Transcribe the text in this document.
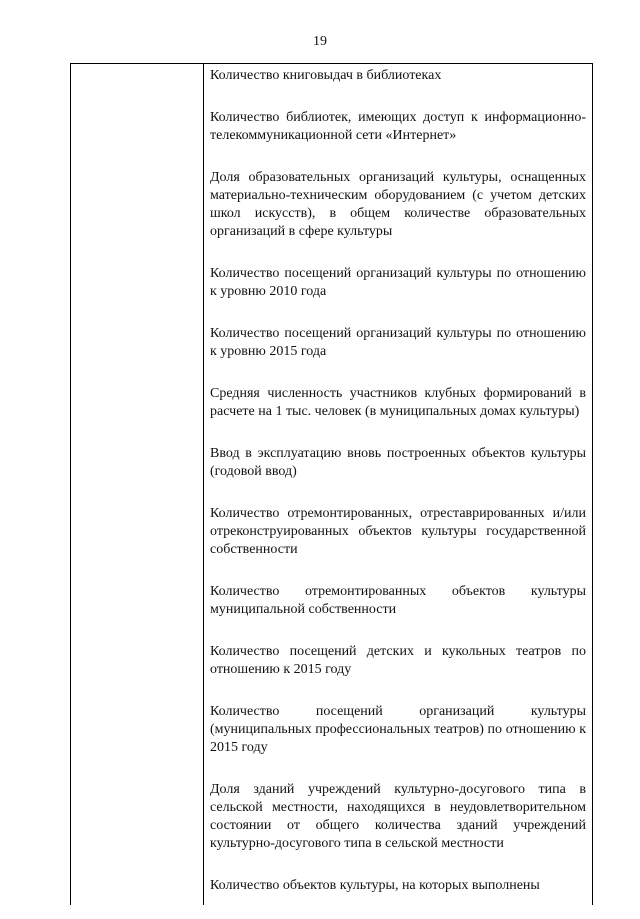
19

Количество книговыдач в библиотеках

Количество библиотек, имеющих доступ к информационно-телекоммуникационной сети «Интернет»

Доля образовательных организаций культуры, оснащенных материально-техническим оборудованием (с учетом детских школ искусств), в общем количестве образовательных организаций в сфере культуры

Количество посещений организаций культуры по отношению к уровню 2010 года

Количество посещений организаций культуры по отношению к уровню 2015 года

Средняя численность участников клубных формирований в расчете на 1 тыс. человек (в муниципальных домах культуры)

Ввод в эксплуатацию вновь построенных объектов культуры (годовой ввод)

Количество отремонтированных, отреставрированных и/или отреконструированных объектов культуры государственной собственности

Количество отремонтированных объектов культуры муниципальной собственности

Количество посещений детских и кукольных театров по отношению к 2015 году

Количество посещений организаций культуры (муниципальных профессиональных театров) по отношению к 2015 году

Доля зданий учреждений культурно-досугового типа в сельской местности, находящихся в неудовлетворительном состоянии от общего количества зданий учреждений культурно-досугового типа в сельской местности

Количество объектов культуры, на которых выполнены
